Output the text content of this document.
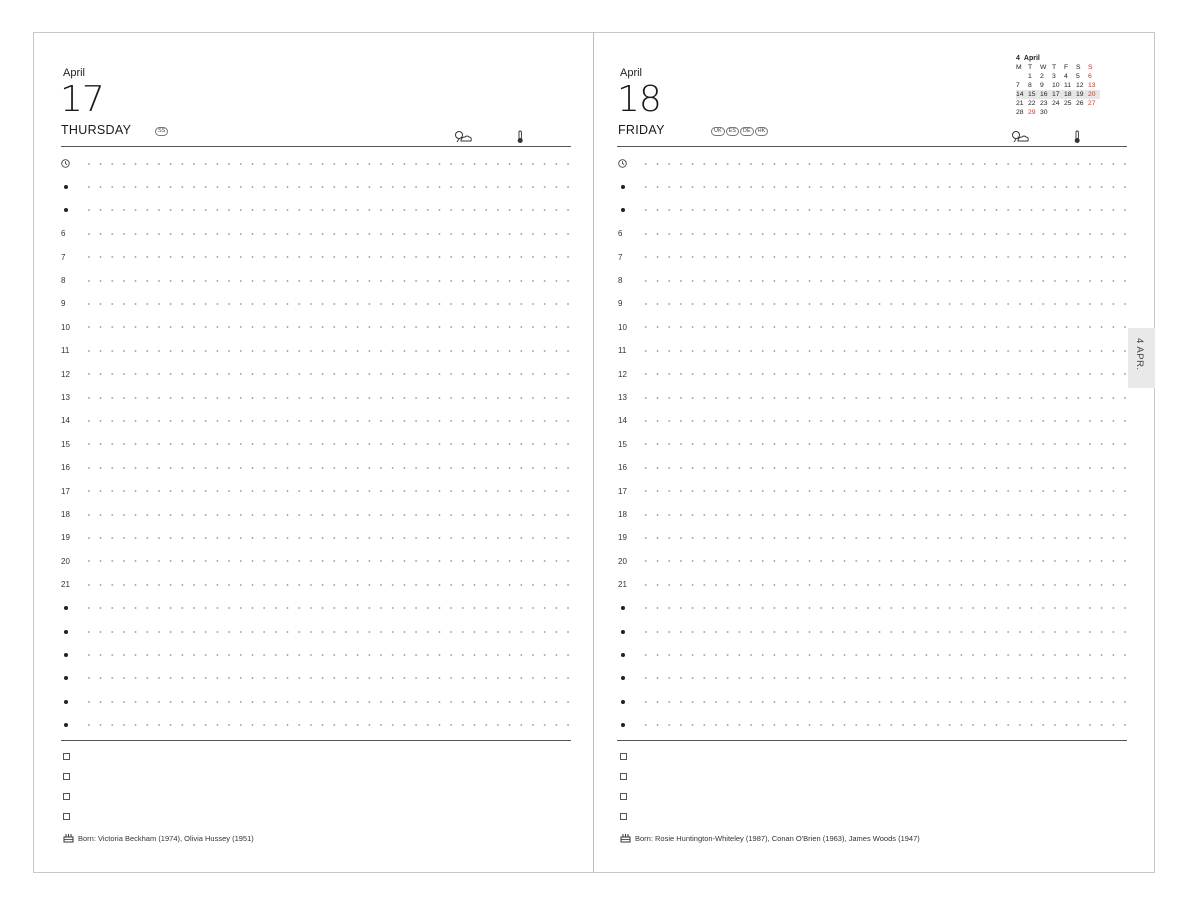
April
17
THURSDAY	SS
6
7
8
9
10
11
12
13
14
15
16
17
18
19
20
21
Born: Victoria Beckham (1974), Olivia Hussey (1951)
April
18
FRIDAY	UK	ES	DE	HK
4 April
M	T	W	T	F	S	S
	1	2	3	4	5	6
7	8	9	10	11	12	13
14	15	16	17	18	19	20
21	22	23	24	25	26	27
28	29	30				
6
7
8
9
10
11
12
13
14
15
16
17
18
19
20
21
Born: Rosie Huntington-Whiteley (1987), Conan O'Brien (1963), James Woods (1947)
4 APR.
